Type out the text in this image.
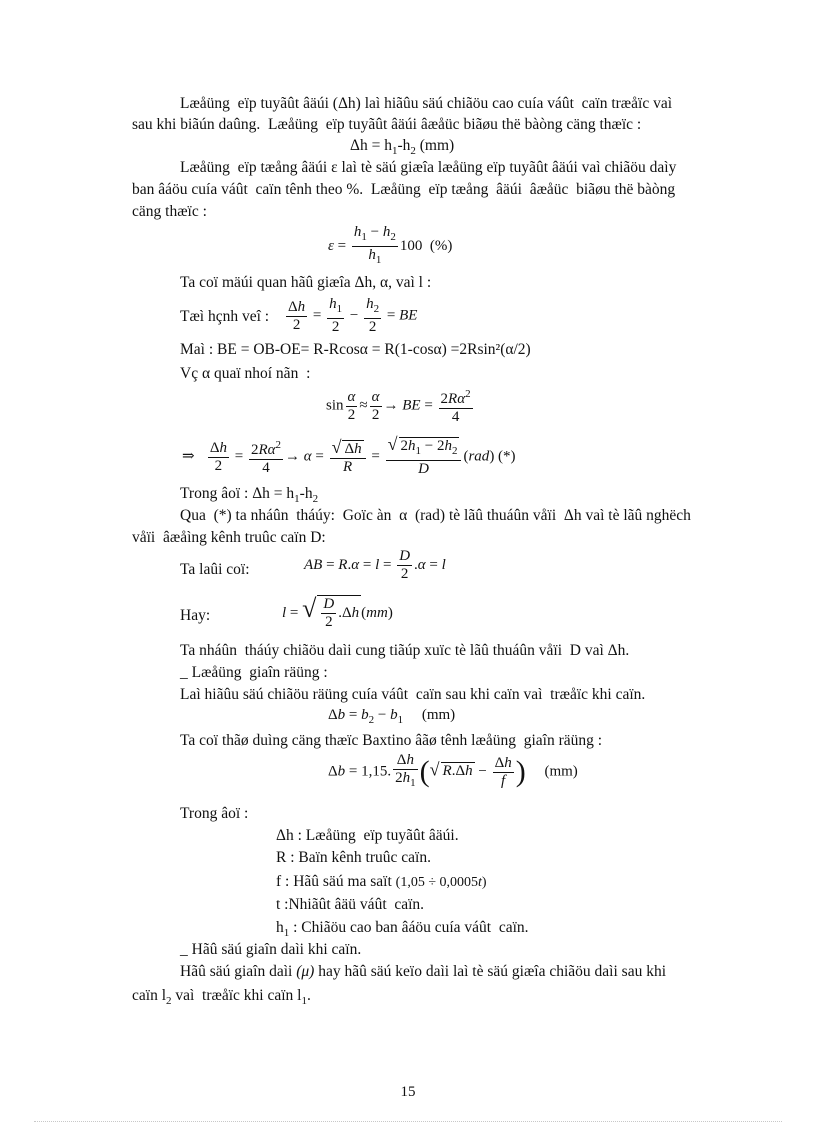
Læåüng  eïp tuyãût âäúi (Δh) laì hiãûu säú chiãöu cao cuía váût  caïn træåïc vaì
sau khi biãún daûng.  Læåüng  eïp tuyãût âäúi âæåüc biãøu thë bàòng cäng thæïc :
$\Delta h = h_1-h_2$ (mm)
Læåüng  eïp tæång âäúi ε laì tè säú giæîa læåüng eïp tuyãût âäúi vaì chiãöu daìy
ban âáöu cuía váût  caïn tênh theo %.  Læåüng  eïp tæång  âäúi  âæåüc  biãøu thë bàòng
cäng thæïc :
$\varepsilon = \frac{h_1 - h_2}{h_1} 100$  (%)
Ta coï mäúi quan hãû giæîa Δh, α, vaì l :
Tæì hçnh veî : $\frac{\Delta h}{2} = \frac{h_1}{2} - \frac{h_2}{2}$ = BE
Maì : BE = OB-OE= R-Rcosα = R(1-cosα) =2Rsin²(α/2)
Vç α quaï nhoí nãn  :
$\sin \frac{\alpha}{2} \approx \frac{\alpha}{2}$ → BE = $\frac{2R\alpha^2}{4}$
⇒ $\frac{\Delta h}{2} = \frac{2R\alpha^2}{4} \to \alpha = \frac{√ \Delta h}{R} = \frac{√ 2h_1 - 2h_2}{D} (rad)$ (*)
Trong âoï : $\Delta h = h_1-h_2$
Qua  (*) ta nháûn  tháúy:  Goïc àn  α  (rad) tè lãû thuáûn våïi  Δh vaì tè lãû nghëch
våïi  âæåìng kênh truûc caïn D:
Ta laûi coï:	AB = $R.\alpha = l = \frac{D}{2} .\alpha = l$
Hay:	l = √ $\frac{D}{2} .\Delta h$ (mm)
Ta nháûn  tháúy chiãöu daìi cung tiãúp xuïc tè lãû thuáûn våïi  D vaì Δh.
_ Læåüng  giaîn räüng :
Laì hiãûu säú chiãöu räüng cuía váût  caïn sau khi caïn vaì  træåïc khi caïn.
$\Delta b = b_2 - b_1$     (mm)
Ta coï thãø duìng cäng thæïc Baxtino âãø tênh læåüng  giaîn räüng :
Δb = 1,15. $\frac{\Delta h}{2h_1}$ (√ $R.\Delta h - \frac{\Delta h}{f}$ )     (mm)
Trong âoï :
Δh : Læåüng  eïp tuyãût âäúi.
R : Baïn kênh truûc caïn.
f : Hãû säú ma saït (1,05 ÷ 0,0005t)
t :Nhiãût âäü váût  caïn.
$h_1$ : Chiãöu cao ban âáöu cuía váût  caïn.
_ Hãû säú giaîn daìi khi caïn.
Hãû säú giaîn daìi (μ) hay hãû säú keïo daìi laì tè säú giæîa chiãöu daìi sau khi
caïn $l_2$ vaì  træåïc khi caïn $l_1$.
15
